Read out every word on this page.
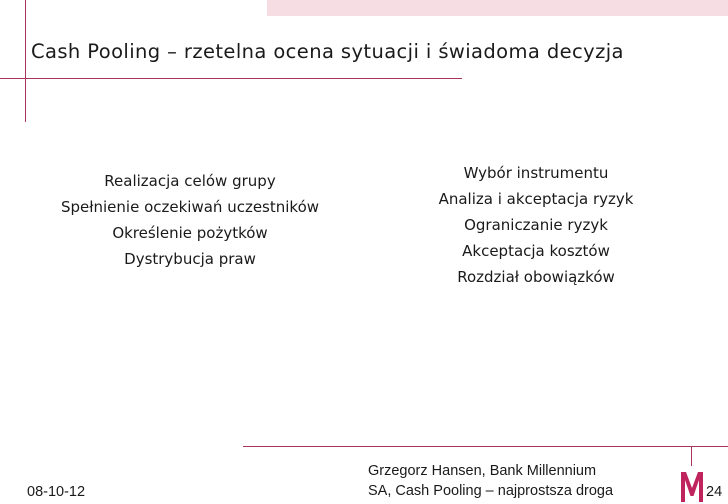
Cash Pooling – rzetelna ocena sytuacji i świadoma decyzja
Realizacja celów grupy
Spełnienie oczekiwań uczestników
Określenie pożytków
Dystrybucja praw
Wybór instrumentu
Analiza i akceptacja ryzyk
Ograniczanie ryzyk
Akceptacja kosztów
Rozdział obowiązków
08-10-12
Grzegorz Hansen, Bank Millennium
SA, Cash Pooling – najprostsza droga	24
